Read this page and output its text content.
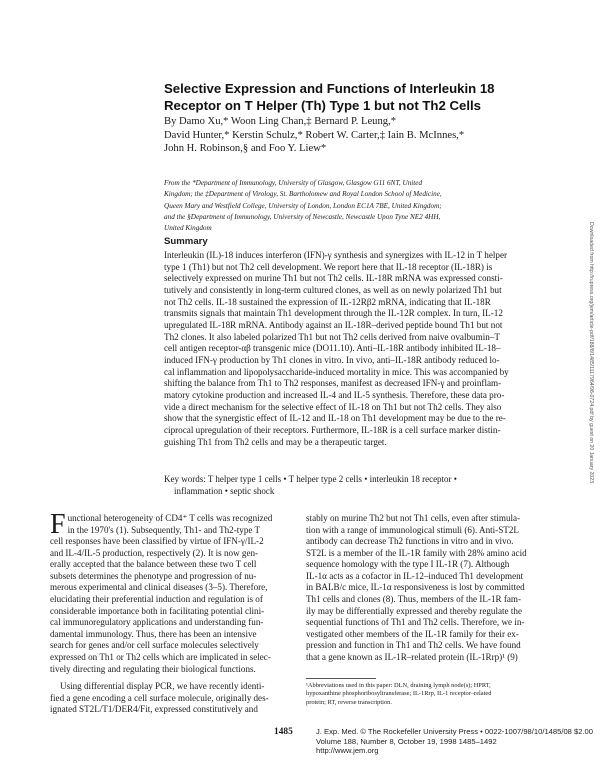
Selective Expression and Functions of Interleukin 18
Receptor on T Helper (Th) Type 1 but not Th2 Cells
By Damo Xu,* Woon Ling Chan,‡ Bernard P. Leung,*
David Hunter,* Kerstin Schulz,* Robert W. Carter,‡ Iain B. McInnes,*
John H. Robinson,§ and Foo Y. Liew*
From the *Department of Immunology, University of Glasgow, Glasgow G11 6NT, United
Kingdom; the ‡Department of Virology, St. Bartholomew and Royal London School of Medicine,
Queen Mary and Westfield College, University of London, London EC1A 7BE, United Kingdom;
and the §Department of Immunology, University of Newcastle, Newcastle Upon Tyne NE2 4HH,
United Kingdom
Summary
Interleukin (IL)-18 induces interferon (IFN)-γ synthesis and synergizes with IL-12 in T helper
type 1 (Th1) but not Th2 cell development. We report here that IL-18 receptor (IL-18R) is
selectively expressed on murine Th1 but not Th2 cells. IL-18R mRNA was expressed consti-
tutively and consistently in long-term cultured clones, as well as on newly polarized Th1 but
not Th2 cells. IL-18 sustained the expression of IL-12Rβ2 mRNA, indicating that IL-18R
transmits signals that maintain Th1 development through the IL-12R complex. In turn, IL-12
upregulated IL-18R mRNA. Antibody against an IL-18R–derived peptide bound Th1 but not
Th2 clones. It also labeled polarized Th1 but not Th2 cells derived from naive ovalbumin–T
cell antigen receptor-αβ transgenic mice (DO11.10). Anti–IL-18R antibody inhibited IL-18–
induced IFN-γ production by Th1 clones in vitro. In vivo, anti–IL-18R antibody reduced lo-
cal inflammation and lipopolysaccharide-induced mortality in mice. This was accompanied by
shifting the balance from Th1 to Th2 responses, manifest as decreased IFN-γ and proinflam-
matory cytokine production and increased IL-4 and IL-5 synthesis. Therefore, these data pro-
vide a direct mechanism for the selective effect of IL-18 on Th1 but not Th2 cells. They also
show that the synergistic effect of IL-12 and IL-18 on Th1 development may be due to the re-
ciprocal upregulation of their receptors. Furthermore, IL-18R is a cell surface marker distin-
guishing Th1 from Th2 cells and may be a therapeutic target.
Key words: T helper type 1 cells • T helper type 2 cells • interleukin 18 receptor •
inflammation • septic shock
F unctional heterogeneity of CD4⁺ T cells was recognized
in the 1970's (1). Subsequently, Th1- and Th2-type T
cell responses have been classified by virtue of IFN-γ/IL-2
and IL-4/IL-5 production, respectively (2). It is now gen-
erally accepted that the balance between these two T cell
subsets determines the phenotype and progression of nu-
merous experimental and clinical diseases (3–5). Therefore,
elucidating their preferential induction and regulation is of
considerable importance both in facilitating potential clini-
cal immunoregulatory applications and understanding fun-
damental immunology. Thus, there has been an intensive
search for genes and/or cell surface molecules selectively
expressed on Th1 or Th2 cells which are implicated in selec-
tively directing and regulating their biological functions.
Using differential display PCR, we have recently identi-
fied a gene encoding a cell surface molecule, originally des-
ignated ST2L/T1/DER4/Fit, expressed constitutively and
stably on murine Th2 but not Th1 cells, even after stimula-
tion with a range of immunological stimuli (6). Anti-ST2L
antibody can decrease Th2 functions in vitro and in vivo.
ST2L is a member of the IL-1R family with 28% amino acid
sequence homology with the type I IL-1R (7). Although
IL-1α acts as a cofactor in IL-12–induced Th1 development
in BALB/c mice, IL-1α responsiveness is lost by committed
Th1 cells and clones (8). Thus, members of the IL-1R fam-
ily may be differentially expressed and thereby regulate the
sequential functions of Th1 and Th2 cells. Therefore, we in-
vestigated other members of the IL-1R family for their ex-
pression and function in Th1 and Th2 cells. We have found
that a gene known as IL-1R–related protein (IL-1Rrp)¹ (9)
¹Abbreviations used in this paper: DLN, draining lymph node(s); HPRT,
hypoxanthine phosphoribosyltransferase; IL-1Rrp, IL-1 receptor–related
protein; RT, reverse transcription.
1485	J. Exp. Med. © The Rockefeller University Press • 0022-1007/98/10/1485/08 $2.00
Volume 188, Number 8, October 19, 1998 1485–1492
http://www.jem.org
Downloaded from http://rupress.org/jem/article-pdf/188/8/1485/1117964/98-0724.pdf by guest on 20 January 2023
